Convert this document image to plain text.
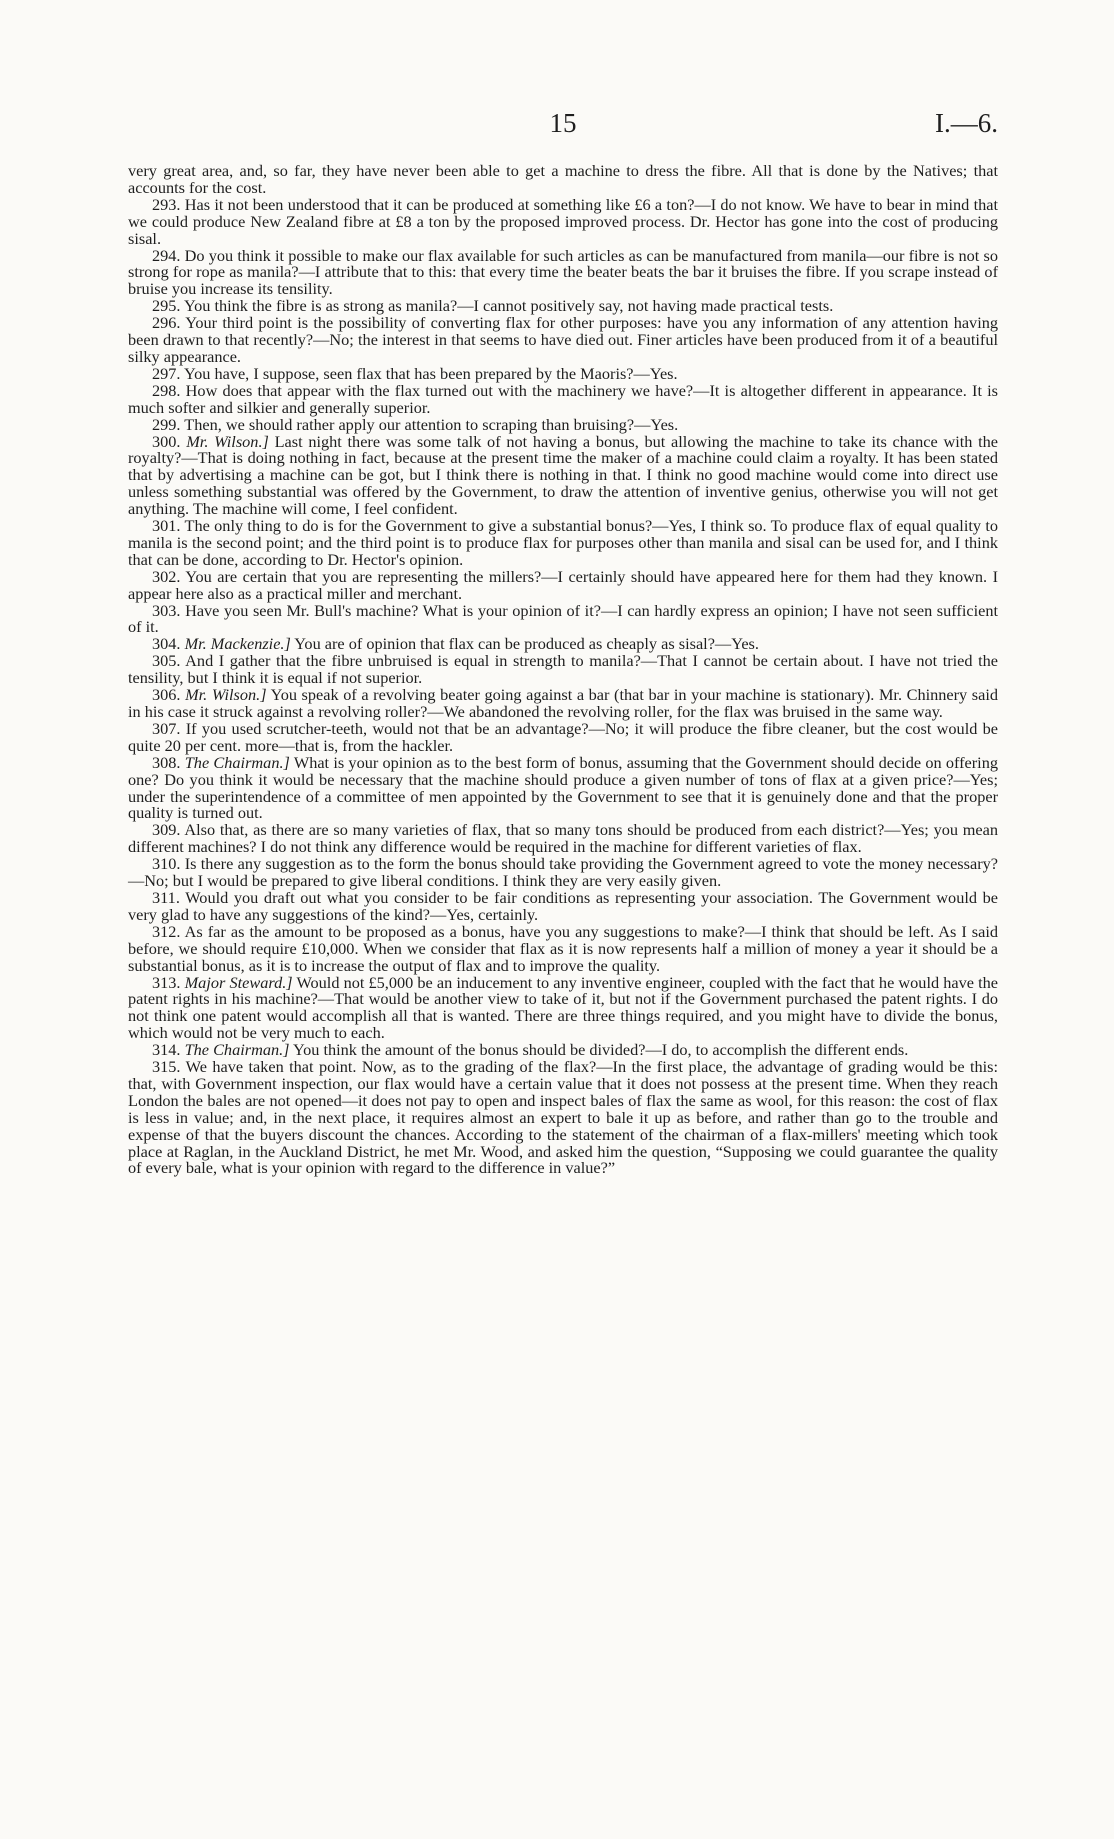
15	I.—6.

very great area, and, so far, they have never been able to get a machine to dress the fibre. All that is done by the Natives; that accounts for the cost.

293. Has it not been understood that it can be produced at something like £6 a ton?—I do not know. We have to bear in mind that we could produce New Zealand fibre at £8 a ton by the proposed improved process. Dr. Hector has gone into the cost of producing sisal.

294. Do you think it possible to make our flax available for such articles as can be manufactured from manila—our fibre is not so strong for rope as manila?—I attribute that to this: that every time the beater beats the bar it bruises the fibre. If you scrape instead of bruise you increase its tensility.

295. You think the fibre is as strong as manila?—I cannot positively say, not having made practical tests.

296. Your third point is the possibility of converting flax for other purposes: have you any information of any attention having been drawn to that recently?—No; the interest in that seems to have died out. Finer articles have been produced from it of a beautiful silky appearance.

297. You have, I suppose, seen flax that has been prepared by the Maoris?—Yes.

298. How does that appear with the flax turned out with the machinery we have?—It is altogether different in appearance. It is much softer and silkier and generally superior.

299. Then, we should rather apply our attention to scraping than bruising?—Yes.

300. Mr. Wilson.] Last night there was some talk of not having a bonus, but allowing the machine to take its chance with the royalty?—That is doing nothing in fact, because at the present time the maker of a machine could claim a royalty. It has been stated that by advertising a machine can be got, but I think there is nothing in that. I think no good machine would come into direct use unless something substantial was offered by the Government, to draw the attention of inventive genius, otherwise you will not get anything. The machine will come, I feel confident.

301. The only thing to do is for the Government to give a substantial bonus?—Yes, I think so. To produce flax of equal quality to manila is the second point; and the third point is to produce flax for purposes other than manila and sisal can be used for, and I think that can be done, according to Dr. Hector's opinion.

302. You are certain that you are representing the millers?—I certainly should have appeared here for them had they known. I appear here also as a practical miller and merchant.

303. Have you seen Mr. Bull's machine? What is your opinion of it?—I can hardly express an opinion; I have not seen sufficient of it.

304. Mr. Mackenzie.] You are of opinion that flax can be produced as cheaply as sisal?—Yes.

305. And I gather that the fibre unbruised is equal in strength to manila?—That I cannot be certain about. I have not tried the tensility, but I think it is equal if not superior.

306. Mr. Wilson.] You speak of a revolving beater going against a bar (that bar in your machine is stationary). Mr. Chinnery said in his case it struck against a revolving roller?—We abandoned the revolving roller, for the flax was bruised in the same way.

307. If you used scrutcher-teeth, would not that be an advantage?—No; it will produce the fibre cleaner, but the cost would be quite 20 per cent. more—that is, from the hackler.

308. The Chairman.] What is your opinion as to the best form of bonus, assuming that the Government should decide on offering one? Do you think it would be necessary that the machine should produce a given number of tons of flax at a given price?—Yes; under the superintendence of a committee of men appointed by the Government to see that it is genuinely done and that the proper quality is turned out.

309. Also that, as there are so many varieties of flax, that so many tons should be produced from each district?—Yes; you mean different machines? I do not think any difference would be required in the machine for different varieties of flax.

310. Is there any suggestion as to the form the bonus should take providing the Government agreed to vote the money necessary?—No; but I would be prepared to give liberal conditions. I think they are very easily given.

311. Would you draft out what you consider to be fair conditions as representing your association. The Government would be very glad to have any suggestions of the kind?—Yes, certainly.

312. As far as the amount to be proposed as a bonus, have you any suggestions to make?—I think that should be left. As I said before, we should require £10,000. When we consider that flax as it is now represents half a million of money a year it should be a substantial bonus, as it is to increase the output of flax and to improve the quality.

313. Major Steward.] Would not £5,000 be an inducement to any inventive engineer, coupled with the fact that he would have the patent rights in his machine?—That would be another view to take of it, but not if the Government purchased the patent rights. I do not think one patent would accomplish all that is wanted. There are three things required, and you might have to divide the bonus, which would not be very much to each.

314. The Chairman.] You think the amount of the bonus should be divided?—I do, to accomplish the different ends.

315. We have taken that point. Now, as to the grading of the flax?—In the first place, the advantage of grading would be this: that, with Government inspection, our flax would have a certain value that it does not possess at the present time. When they reach London the bales are not opened—it does not pay to open and inspect bales of flax the same as wool, for this reason: the cost of flax is less in value; and, in the next place, it requires almost an expert to bale it up as before, and rather than go to the trouble and expense of that the buyers discount the chances. According to the statement of the chairman of a flax-millers' meeting which took place at Raglan, in the Auckland District, he met Mr. Wood, and asked him the question, “Supposing we could guarantee the quality of every bale, what is your opinion with regard to the difference in value?”
